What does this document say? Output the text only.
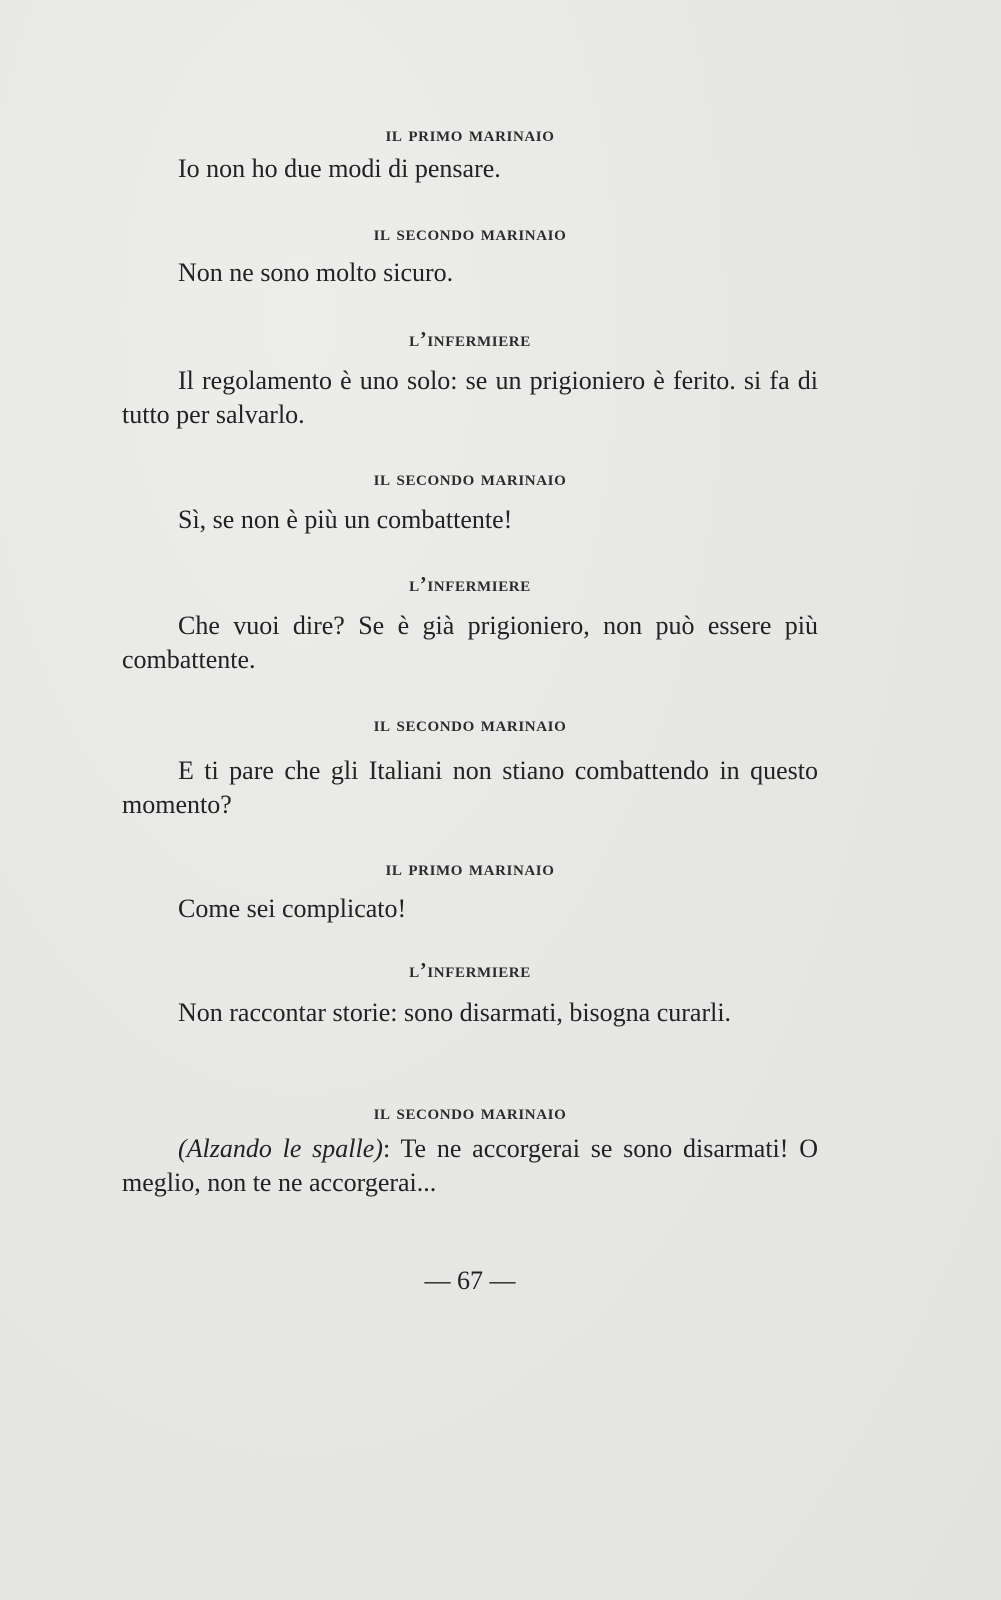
il primo marinaio
Io non ho due modi di pensare.
il secondo marinaio
Non ne sono molto sicuro.
l’infermiere
Il regolamento è uno solo: se un prigioniero è ferito. si fa di tutto per salvarlo.
il secondo marinaio
Sì, se non è più un combattente!
l’infermiere
Che vuoi dire? Se è già prigioniero, non può essere più combattente.
il secondo marinaio
E ti pare che gli Italiani non stiano combattendo in questo momento?
il primo marinaio
Come sei complicato!
l’infermiere
Non raccontar storie: sono disarmati, bisogna curarli.
il secondo marinaio
(Alzando le spalle): Te ne accorgerai se sono disarmati! O meglio, non te ne accorgerai...
— 67 —
